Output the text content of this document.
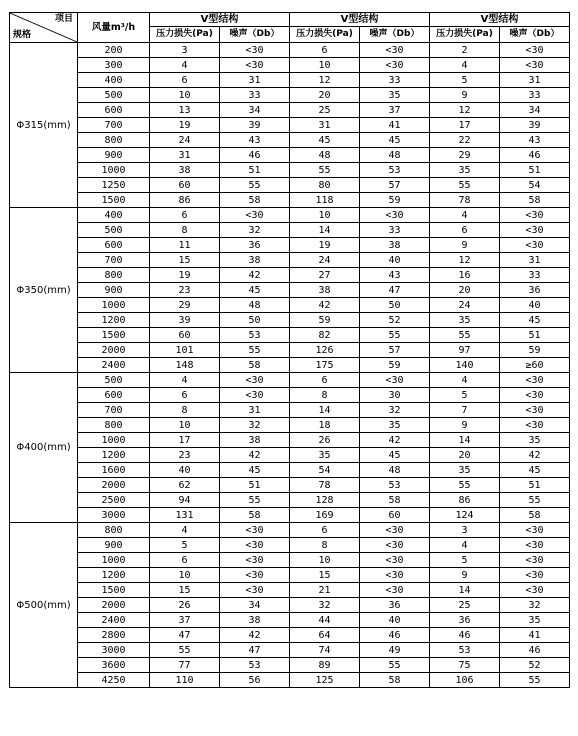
项目
规格	风量m³/h	V型结构		V型结构		V型结构	
		压力损失(Pa)	噪声（Db）	压力损失(Pa)	噪声（Db）	压力损失(Pa)	噪声（Db）
Φ315(mm)	200	3	<30	6	<30	2	<30
	300	4	<30	10	<30	4	<30
	400	6	31	12	33	5	31
	500	10	33	20	35	9	33
	600	13	34	25	37	12	34
	700	19	39	31	41	17	39
	800	24	43	45	45	22	43
	900	31	46	48	48	29	46
	1000	38	51	55	53	35	51
	1250	60	55	80	57	55	54
	1500	86	58	118	59	78	58
Φ350(mm)	400	6	<30	10	<30	4	<30
	500	8	32	14	33	6	<30
	600	11	36	19	38	9	<30
	700	15	38	24	40	12	31
	800	19	42	27	43	16	33
	900	23	45	38	47	20	36
	1000	29	48	42	50	24	40
	1200	39	50	59	52	35	45
	1500	60	53	82	55	55	51
	2000	101	55	126	57	97	59
	2400	148	58	175	59	140	≥60
Φ400(mm)	500	4	<30	6	<30	4	<30
	600	6	<30	8	30	5	<30
	700	8	31	14	32	7	<30
	800	10	32	18	35	9	<30
	1000	17	38	26	42	14	35
	1200	23	42	35	45	20	42
	1600	40	45	54	48	35	45
	2000	62	51	78	53	55	51
	2500	94	55	128	58	86	55
	3000	131	58	169	60	124	58
Φ500(mm)	800	4	<30	6	<30	3	<30
	900	5	<30	8	<30	4	<30
	1000	6	<30	10	<30	5	<30
	1200	10	<30	15	<30	9	<30
	1500	15	<30	21	<30	14	<30
	2000	26	34	32	36	25	32
	2400	37	38	44	40	36	35
	2800	47	42	64	46	46	41
	3000	55	47	74	49	53	46
	3600	77	53	89	55	75	52
	4250	110	56	125	58	106	55
